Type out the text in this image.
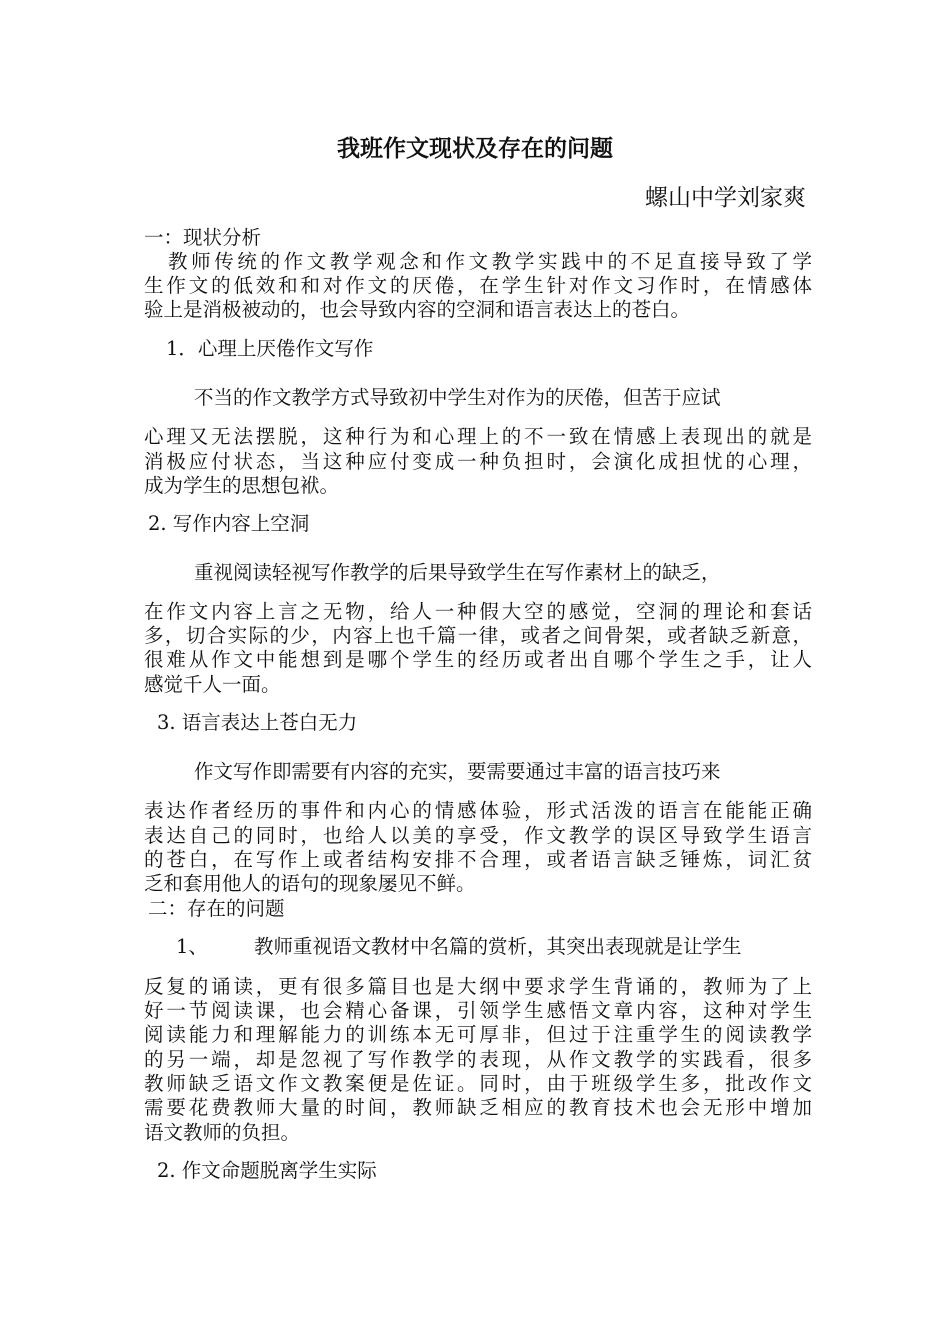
我班作文现状及存在的问题
螺山中学刘家爽
一：现状分析
教师传统的作文教学观念和作文教学实践中的不足直接导致了学
生作文的低效和和对作文的厌倦，在学生针对作文习作时，在情感体
验上是消极被动的，也会导致内容的空洞和语言表达上的苍白。
1．心理上厌倦作文写作
不当的作文教学方式导致初中学生对作为的厌倦，但苦于应试
心理又无法摆脱，这种行为和心理上的不一致在情感上表现出的就是
消极应付状态，当这种应付变成一种负担时，会演化成担忧的心理，
成为学生的思想包袱。
2. 写作内容上空洞
重视阅读轻视写作教学的后果导致学生在写作素材上的缺乏，
在作文内容上言之无物，给人一种假大空的感觉，空洞的理论和套话
多，切合实际的少，内容上也千篇一律，或者之间骨架，或者缺乏新意，
很难从作文中能想到是哪个学生的经历或者出自哪个学生之手，让人
感觉千人一面。
3. 语言表达上苍白无力
作文写作即需要有内容的充实，要需要通过丰富的语言技巧来
表达作者经历的事件和内心的情感体验，形式活泼的语言在能能正确
表达自己的同时，也给人以美的享受，作文教学的误区导致学生语言
的苍白，在写作上或者结构安排不合理，或者语言缺乏锤炼，词汇贫
乏和套用他人的语句的现象屡见不鲜。
二：存在的问题
1、 教师重视语文教材中名篇的赏析，其突出表现就是让学生
反复的诵读，更有很多篇目也是大纲中要求学生背诵的，教师为了上
好一节阅读课，也会精心备课，引领学生感悟文章内容，这种对学生
阅读能力和理解能力的训练本无可厚非，但过于注重学生的阅读教学
的另一端，却是忽视了写作教学的表现，从作文教学的实践看，很多
教师缺乏语文作文教案便是佐证。同时，由于班级学生多，批改作文
需要花费教师大量的时间，教师缺乏相应的教育技术也会无形中增加
语文教师的负担。
2. 作文命题脱离学生实际
